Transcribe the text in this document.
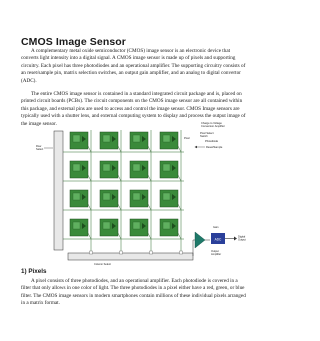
CMOS Image Sensor
A complementary metal oxide semiconductor (CMOS) image sensor is an electronic device that converts light intensity into a digital signal. A CMOS image sensor is made up of pixels and supporting circuitry. Each pixel has three photodiodes and an operational amplifier. The supporting circuitry consists of an reset/sample pin, matrix selection switches, an output gain amplifier, and an analog to digital convertor (ADC).
The entire CMOS image sensor is contained in a standard integrated circuit package and is, placed on printed circuit boards (PCBs). The circuit components on the CMOS image sensor are all contained within this package, and external pins are used to access and control the image sensor. CMOS Image sensors are typically used with a shutter lens, and external computing system to display and process the output image of the image sensor.
ADC
Charge to Voltage Conversion Amplifier
Pixel Select Switch
Pixel
Photodiode
Reset/Sample
Row Select
Gain
Digital Output
Column Select
Output Amplifier
1) Pixels
A pixel consists of three photodiodes, and an operational amplifier. Each photodiode is covered in a filter that only allows in one color of light. The three photodiodes in a pixel either have a red, green, or blue filter. The CMOS image sensors in modern smartphones contain millions of these individual pixels arranged in a matrix format.
